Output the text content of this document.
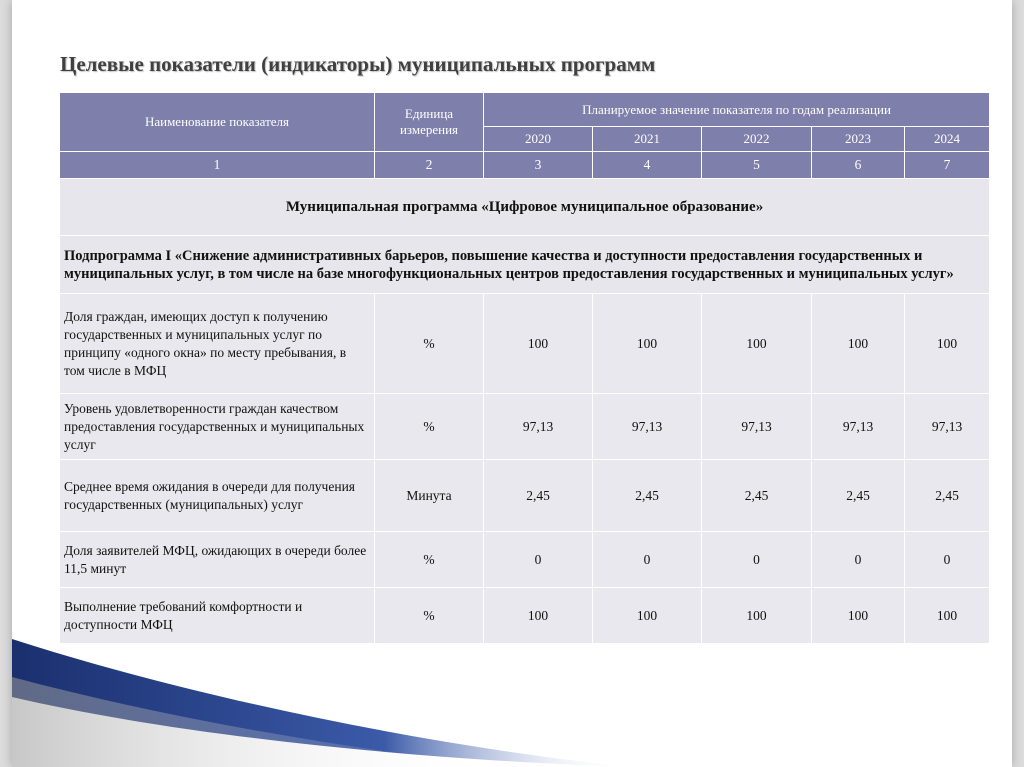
Целевые показатели (индикаторы) муниципальных программ
Наименование показателя	Единица измерения	Планируемое значение показателя по годам реализации				
		2020	2021	2022	2023	2024
1	2	3	4	5	6	7
Муниципальная программа «Цифровое муниципальное образование»						
Подпрограмма I «Снижение административных барьеров, повышение качества и доступности предоставления государственных и муниципальных услуг, в том числе на базе многофункциональных центров предоставления государственных и муниципальных услуг»						
Доля граждан, имеющих доступ к получению государственных и муниципальных услуг по принципу «одного окна» по месту пребывания, в том числе в МФЦ	%	100	100	100	100	100
Уровень удовлетворенности граждан качеством предоставления государственных и муниципальных услуг	%	97,13	97,13	97,13	97,13	97,13
Среднее время ожидания в очереди для получения государственных (муниципальных) услуг	Минута	2,45	2,45	2,45	2,45	2,45
Доля заявителей МФЦ, ожидающих в очереди более 11,5 минут	%	0	0	0	0	0
Выполнение требований комфортности и доступности МФЦ	%	100	100	100	100	100
